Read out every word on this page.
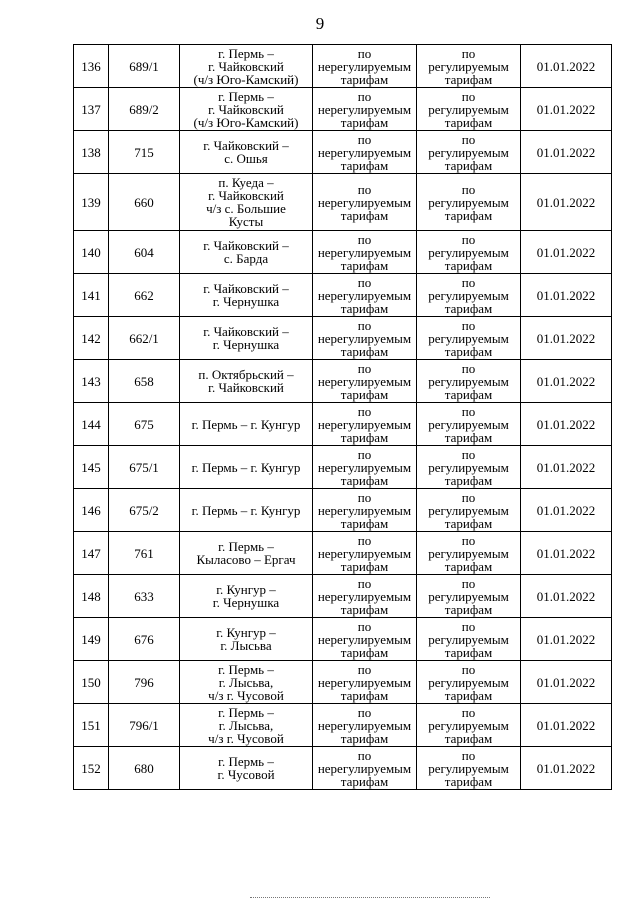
9
136	689/1	г. Пермь –
г. Чайковский
(ч/з Юго-Камский)	по
нерегулируемым
тарифам	по
регулируемым
тарифам	01.01.2022
137	689/2	г. Пермь –
г. Чайковский
(ч/з Юго-Камский)	по
нерегулируемым
тарифам	по
регулируемым
тарифам	01.01.2022
138	715	г. Чайковский –
с. Ошья	по
нерегулируемым
тарифам	по
регулируемым
тарифам	01.01.2022
139	660	п. Куеда –
г. Чайковский
ч/з с. Большие
Кусты	по
нерегулируемым
тарифам	по
регулируемым
тарифам	01.01.2022
140	604	г. Чайковский –
с. Барда	по
нерегулируемым
тарифам	по
регулируемым
тарифам	01.01.2022
141	662	г. Чайковский –
г. Чернушка	по
нерегулируемым
тарифам	по
регулируемым
тарифам	01.01.2022
142	662/1	г. Чайковский –
г. Чернушка	по
нерегулируемым
тарифам	по
регулируемым
тарифам	01.01.2022
143	658	п. Октябрьский –
г. Чайковский	по
нерегулируемым
тарифам	по
регулируемым
тарифам	01.01.2022
144	675	г. Пермь – г. Кунгур	по
нерегулируемым
тарифам	по
регулируемым
тарифам	01.01.2022
145	675/1	г. Пермь – г. Кунгур	по
нерегулируемым
тарифам	по
регулируемым
тарифам	01.01.2022
146	675/2	г. Пермь – г. Кунгур	по
нерегулируемым
тарифам	по
регулируемым
тарифам	01.01.2022
147	761	г. Пермь –
Кыласово – Ергач	по
нерегулируемым
тарифам	по
регулируемым
тарифам	01.01.2022
148	633	г. Кунгур –
г. Чернушка	по
нерегулируемым
тарифам	по
регулируемым
тарифам	01.01.2022
149	676	г. Кунгур –
г. Лысьва	по
нерегулируемым
тарифам	по
регулируемым
тарифам	01.01.2022
150	796	г. Пермь –
г. Лысьва,
ч/з г. Чусовой	по
нерегулируемым
тарифам	по
регулируемым
тарифам	01.01.2022
151	796/1	г. Пермь –
г. Лысьва,
ч/з г. Чусовой	по
нерегулируемым
тарифам	по
регулируемым
тарифам	01.01.2022
152	680	г. Пермь –
г. Чусовой	по
нерегулируемым
тарифам	по
регулируемым
тарифам	01.01.2022
